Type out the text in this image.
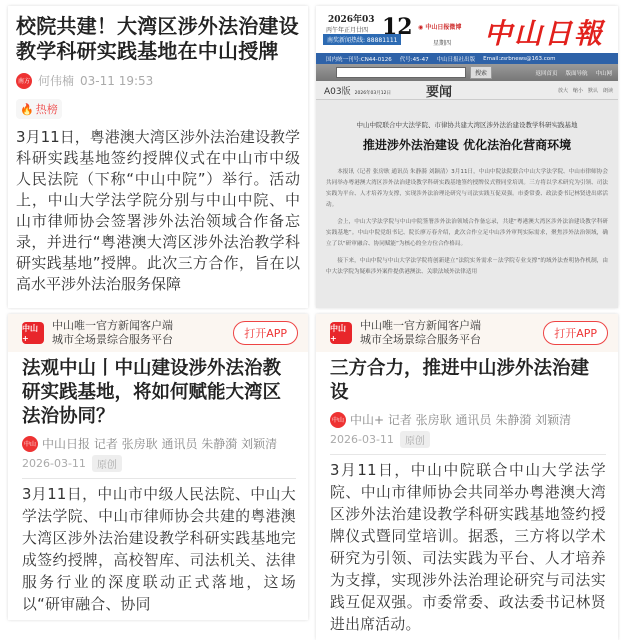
校院共建！大湾区涉外法治建设教学科研实践基地在中山授牌
南方 何伟楠 03-11 19:53
🔥 热榜
3月11日，粤港澳大湾区涉外法治建设教学科研实践基地签约授牌仪式在中山市中级人民法院（下称“中山中院”）举行。活动上，中山大学法学院分别与中山中院、中山市律师协会签署涉外法治领域合作备忘录，并进行“粤港澳大湾区涉外法治教学科研实践基地”授牌。此次三方合作，旨在以高水平涉外法治服务保障
2026年03
丙午年正月廿四
南奖新闻热线: 88881111
12 ◉ 中山日报微博
星期四 中山日報
国内统一刊号:CN44-0126 代号:45-47 中山日报社出版 Email:zsrbnews@163.com
搜索	返回首页 版面导航 中山网
A03版 2026年03月12日	要闻	放大 缩小 默认 朗读
中山中院联合中大法学院、市律协共建大湾区涉外法治建设教学科研实践基地
推进涉外法治建设 优化法治化营商环境

本报讯（记者 张房耿 通讯员 朱静漪 刘颖清）3月11日，中山中院法院联合中山大学法学院、中山市律师协会共同举办粤港澳大湾区涉外法治建设教学科研实践基地签约授牌仪式暨同堂培训。三方将以学术研究为引领、司法实践为平台、人才培养为支撑，实现涉外法治理论研究与司法实践互促双强。市委常委、政法委书记林贤进出席活动。

会上，中山大学法学院与中山中院签署涉外法治领域合作备忘录，共建“粤港澳大湾区涉外法治建设教学科研实践基地”。中山中院党组书记、院长廖万春介绍，此次合作立足中山涉外审判实际需求，聚焦涉外法治领域，确立了以“研审融合、协同赋能”为核心的全方位合作格局。

接下来，中山中院与中山大学法学院将创新建立“法院实务需求－法学院专业支撑”的域外法查明协作机制，由中大法学院为疑难涉外案件提供港澳法、关联法域外法律适用

中山+
中山唯一官方新闻客户端
城市全场景综合服务平台	打开APP
法观中山丨中山建设涉外法治教研实践基地，将如何赋能大湾区法治协同？
中山 中山日报 记者 张房耿 通讯员 朱静漪 刘颖清
2026-03-11	原创
3月11日，中山市中级人民法院、中山大学法学院、中山市律师协会共建的粤港澳大湾区涉外法治建设教学科研实践基地完成签约授牌，高校智库、司法机关、法律服务行业的深度联动正式落地，这场以“研审融合、协同
中山+
中山唯一官方新闻客户端
城市全场景综合服务平台	打开APP
三方合力，推进中山涉外法治建设
中山 中山+ 记者 张房耿 通讯员 朱静漪 刘颖清
2026-03-11	原创
3月11日，中山中院联合中山大学法学院、中山市律师协会共同举办粤港澳大湾区涉外法治建设教学科研实践基地签约授牌仪式暨同堂培训。据悉，三方将以学术研究为引领、司法实践为平台、人才培养为支撑，实现涉外法治理论研究与司法实践互促双强。市委常委、政法委书记林贤进出席活动。
